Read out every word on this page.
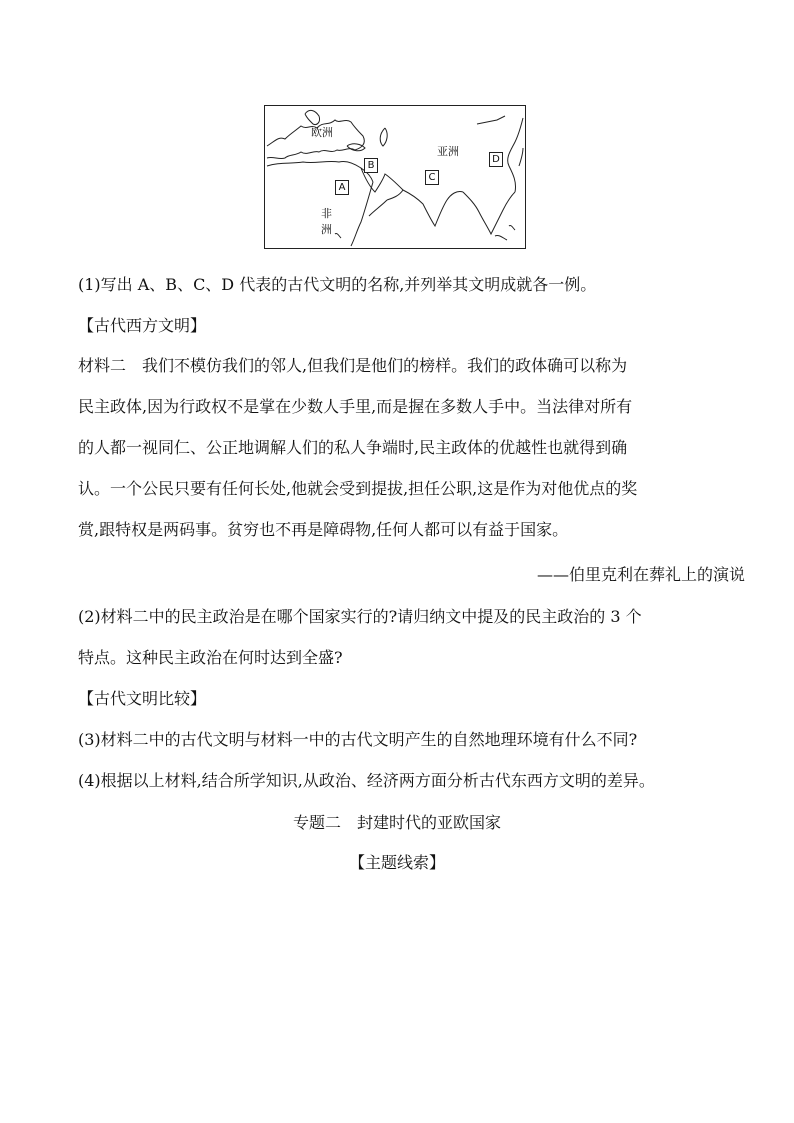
欧洲
亚洲
非
洲
A
B
C
D
(1)写出 A、B、C、D 代表的古代文明的名称,并列举其文明成就各一例。
【古代西方文明】
材料二　我们不模仿我们的邻人,但我们是他们的榜样。我们的政体确可以称为
民主政体,因为行政权不是掌在少数人手里,而是握在多数人手中。当法律对所有
的人都一视同仁、公正地调解人们的私人争端时,民主政体的优越性也就得到确
认。一个公民只要有任何长处,他就会受到提拔,担任公职,这是作为对他优点的奖
赏,跟特权是两码事。贫穷也不再是障碍物,任何人都可以有益于国家。
——伯里克利在葬礼上的演说
(2)材料二中的民主政治是在哪个国家实行的?请归纳文中提及的民主政治的 3 个
特点。这种民主政治在何时达到全盛?
【古代文明比较】
(3)材料二中的古代文明与材料一中的古代文明产生的自然地理环境有什么不同?
(4)根据以上材料,结合所学知识,从政治、经济两方面分析古代东西方文明的差异。
专题二　封建时代的亚欧国家
【主题线索】
